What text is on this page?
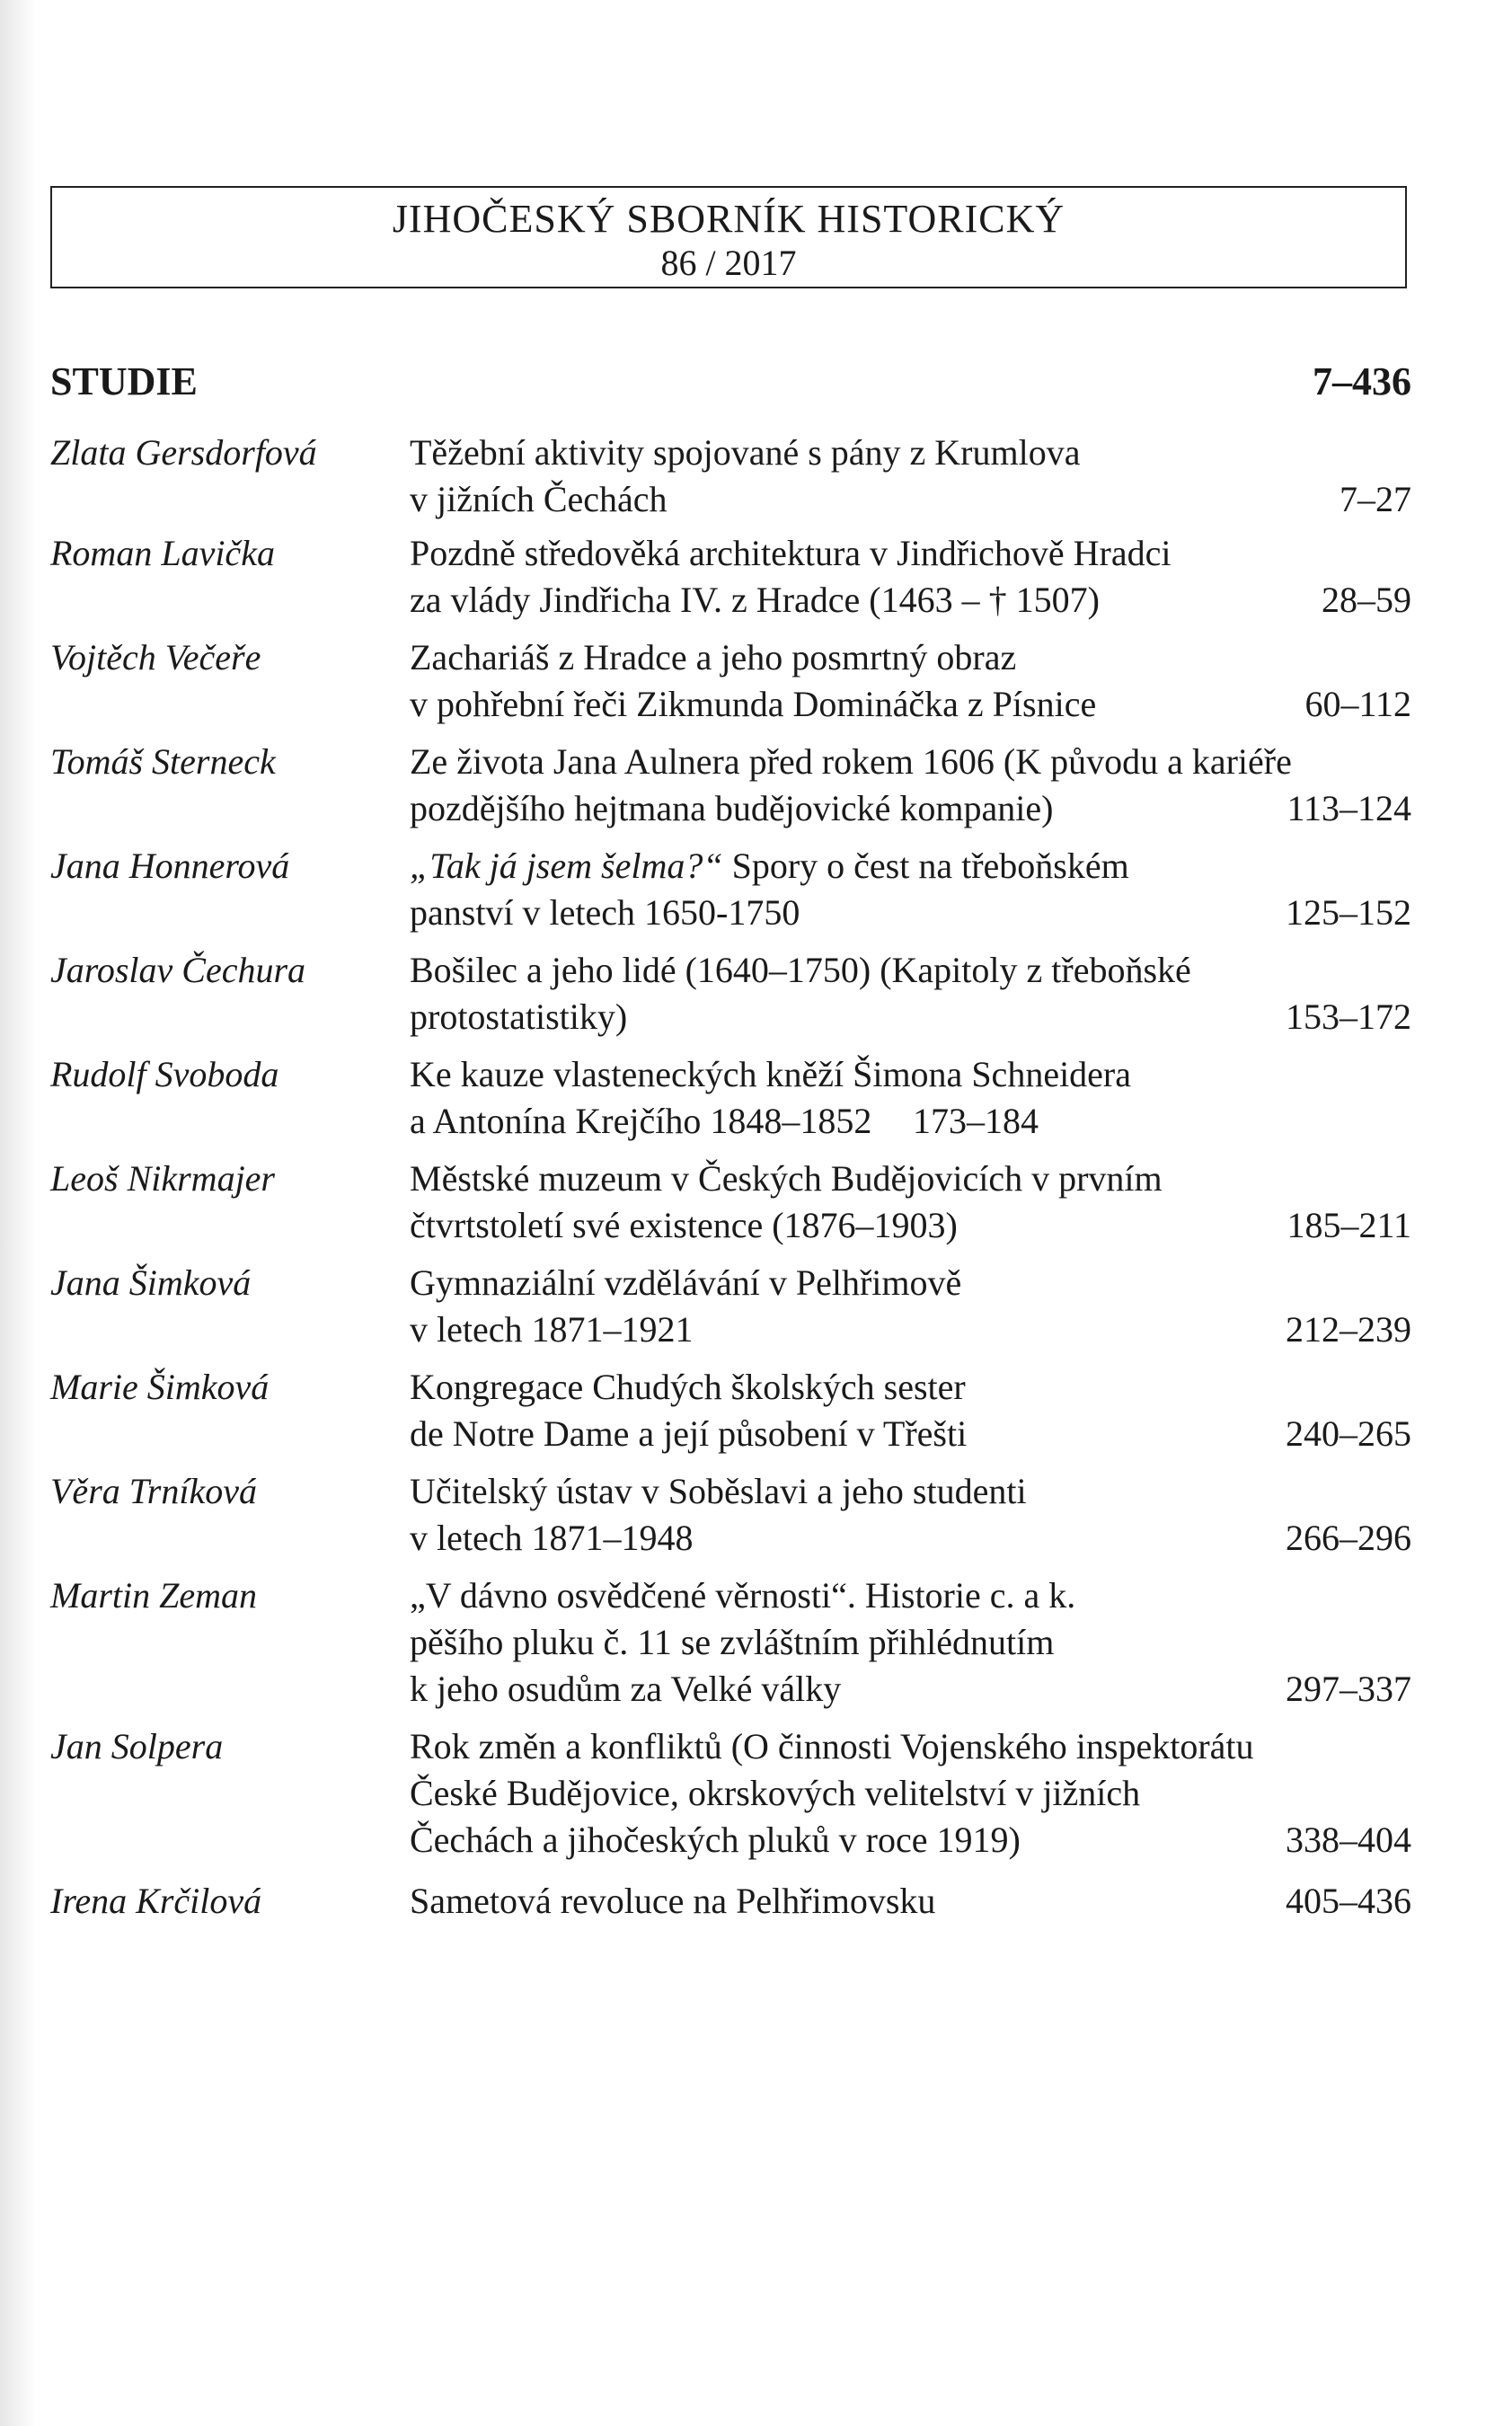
JIHOČESKÝ SBORNÍK HISTORICKÝ
86 / 2017
STUDIE	7–436
Zlata Gersdorfová	Těžební aktivity spojované s pány z Krumlova
v jižních Čechách	7–27
Roman Lavička	Pozdně středověká architektura v Jindřichově Hradci
za vlády Jindřicha IV. z Hradce (1463 – † 1507)	28–59
Vojtěch Večeře	Zachariáš z Hradce a jeho posmrtný obraz
v pohřební řeči Zikmunda Domináčka z Písnice	60–112
Tomáš Sterneck	Ze života Jana Aulnera před rokem 1606 (K původu a kariéře
pozdějšího hejtmana budějovické kompanie)	113–124
Jana Honnerová	„Tak já jsem šelma?“ Spory o čest na třeboňském
panství v letech 1650-1750	125–152
Jaroslav Čechura	Bošilec a jeho lidé (1640–1750) (Kapitoly z třeboňské
protostatistiky)	153–172
Rudolf Svoboda	Ke kauze vlasteneckých kněží Šimona Schneidera
a Antonína Krejčího 1848–1852	173–184
Leoš Nikrmajer	Městské muzeum v Českých Budějovicích v prvním
čtvrtstoletí své existence (1876–1903)	185–211
Jana Šimková	Gymnaziální vzdělávání v Pelhřimově
v letech 1871–1921	212–239
Marie Šimková	Kongregace Chudých školských sester
de Notre Dame a její působení v Třešti	240–265
Věra Trníková	Učitelský ústav v Soběslavi a jeho studenti
v letech 1871–1948	266–296
Martin Zeman	„V dávno osvědčené věrnosti“. Historie c. a k.
pěšího pluku č. 11 se zvláštním přihlédnutím
k jeho osudům za Velké války	297–337
Jan Solpera	Rok změn a konfliktů (O činnosti Vojenského inspektorátu
České Budějovice, okrskových velitelství v jižních
Čechách a jihočeských pluků v roce 1919)	338–404
Irena Krčilová	Sametová revoluce na Pelhřimovsku	405–436
